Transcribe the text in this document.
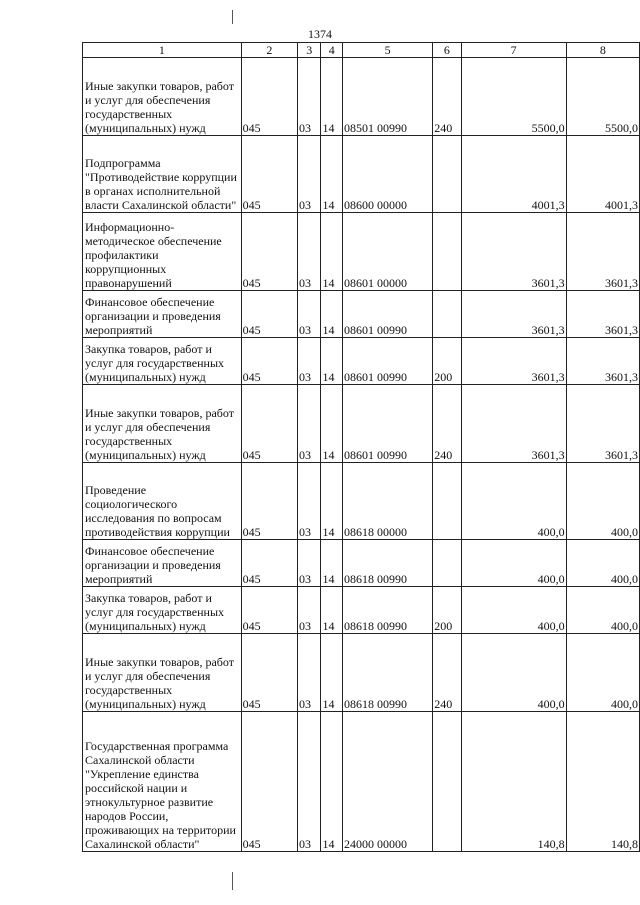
1374
1	2	3	4	5	6	7	8
Иные закупки товаров, работ и услуг для обеспечения государственных (муниципальных) нужд	045	03	14	08501 00990	240	5500,0	5500,0
Подпрограмма "Противодействие коррупции в органах исполнительной власти Сахалинской области"	045	03	14	08600 00000		4001,3	4001,3
Информационно-методическое обеспечение профилактики коррупционных правонарушений	045	03	14	08601 00000		3601,3	3601,3
Финансовое обеспечение организации и проведения мероприятий	045	03	14	08601 00990		3601,3	3601,3
Закупка товаров, работ и услуг для государственных (муниципальных) нужд	045	03	14	08601 00990	200	3601,3	3601,3
Иные закупки товаров, работ и услуг для обеспечения государственных (муниципальных) нужд	045	03	14	08601 00990	240	3601,3	3601,3
Проведение социологического исследования по вопросам противодействия коррупции	045	03	14	08618 00000		400,0	400,0
Финансовое обеспечение организации и проведения мероприятий	045	03	14	08618 00990		400,0	400,0
Закупка товаров, работ и услуг для государственных (муниципальных) нужд	045	03	14	08618 00990	200	400,0	400,0
Иные закупки товаров, работ и услуг для обеспечения государственных (муниципальных) нужд	045	03	14	08618 00990	240	400,0	400,0
Государственная программа Сахалинской области "Укрепление единства российской нации и этнокультурное развитие народов России, проживающих на территории Сахалинской области"	045	03	14	24000 00000		140,8	140,8
